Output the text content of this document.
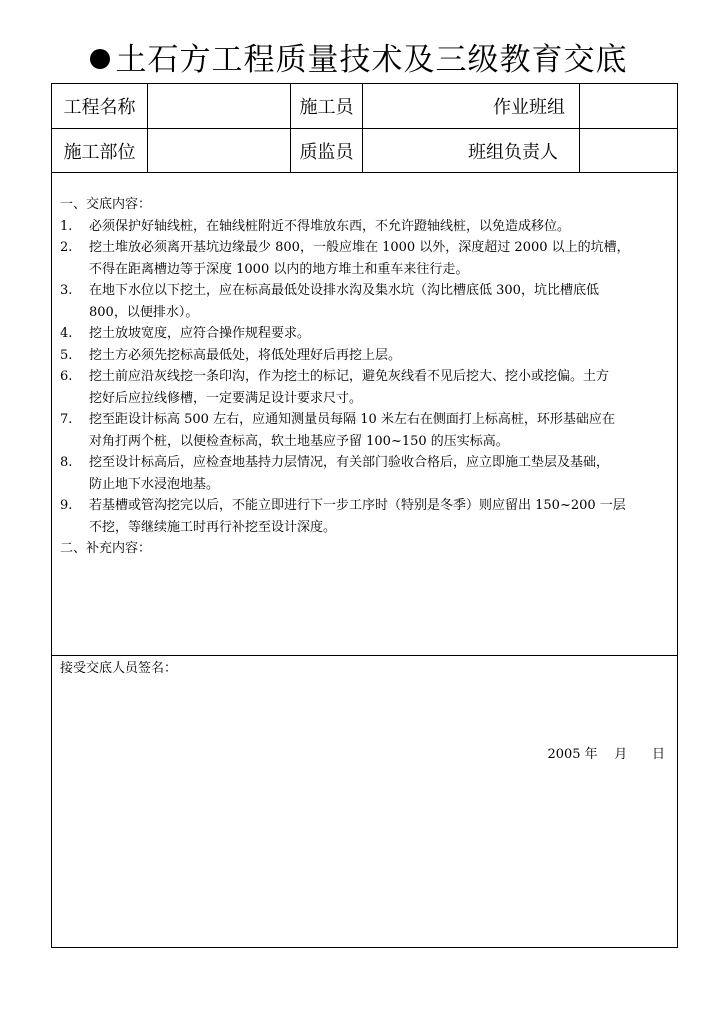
土石方工程质量技术及三级教育交底
工程名称	施工员	作业班组
施工部位	质监员	班组负责人
一、交底内容：
1. 必须保护好轴线桩，在轴线桩附近不得堆放东西，不允许蹬轴线桩，以免造成移位。
2. 挖土堆放必须离开基坑边缘最少 800，一般应堆在 1000 以外，深度超过 2000 以上的坑槽，
不得在距离槽边等于深度 1000 以内的地方堆土和重车来往行走。
3. 在地下水位以下挖土，应在标高最低处设排水沟及集水坑（沟比槽底低 300，坑比槽底低
800，以便排水）。
4. 挖土放坡宽度，应符合操作规程要求。
5. 挖土方必须先挖标高最低处，将低处理好后再挖上层。
6. 挖土前应沿灰线挖一条印沟，作为挖土的标记，避免灰线看不见后挖大、挖小或挖偏。土方
挖好后应拉线修槽，一定要满足设计要求尺寸。
7. 挖至距设计标高 500 左右，应通知测量员每隔 10 米左右在侧面打上标高桩，环形基础应在
对角打两个桩，以便检查标高，软土地基应予留 100~150 的压实标高。
8. 挖至设计标高后，应检查地基持力层情况，有关部门验收合格后，应立即施工垫层及基础，
防止地下水浸泡地基。
9. 若基槽或管沟挖完以后，不能立即进行下一步工序时（特别是冬季）则应留出 150~200 一层
不挖，等继续施工时再行补挖至设计深度。
二、补充内容：
接受交底人员签名：
2005 年    月      日
